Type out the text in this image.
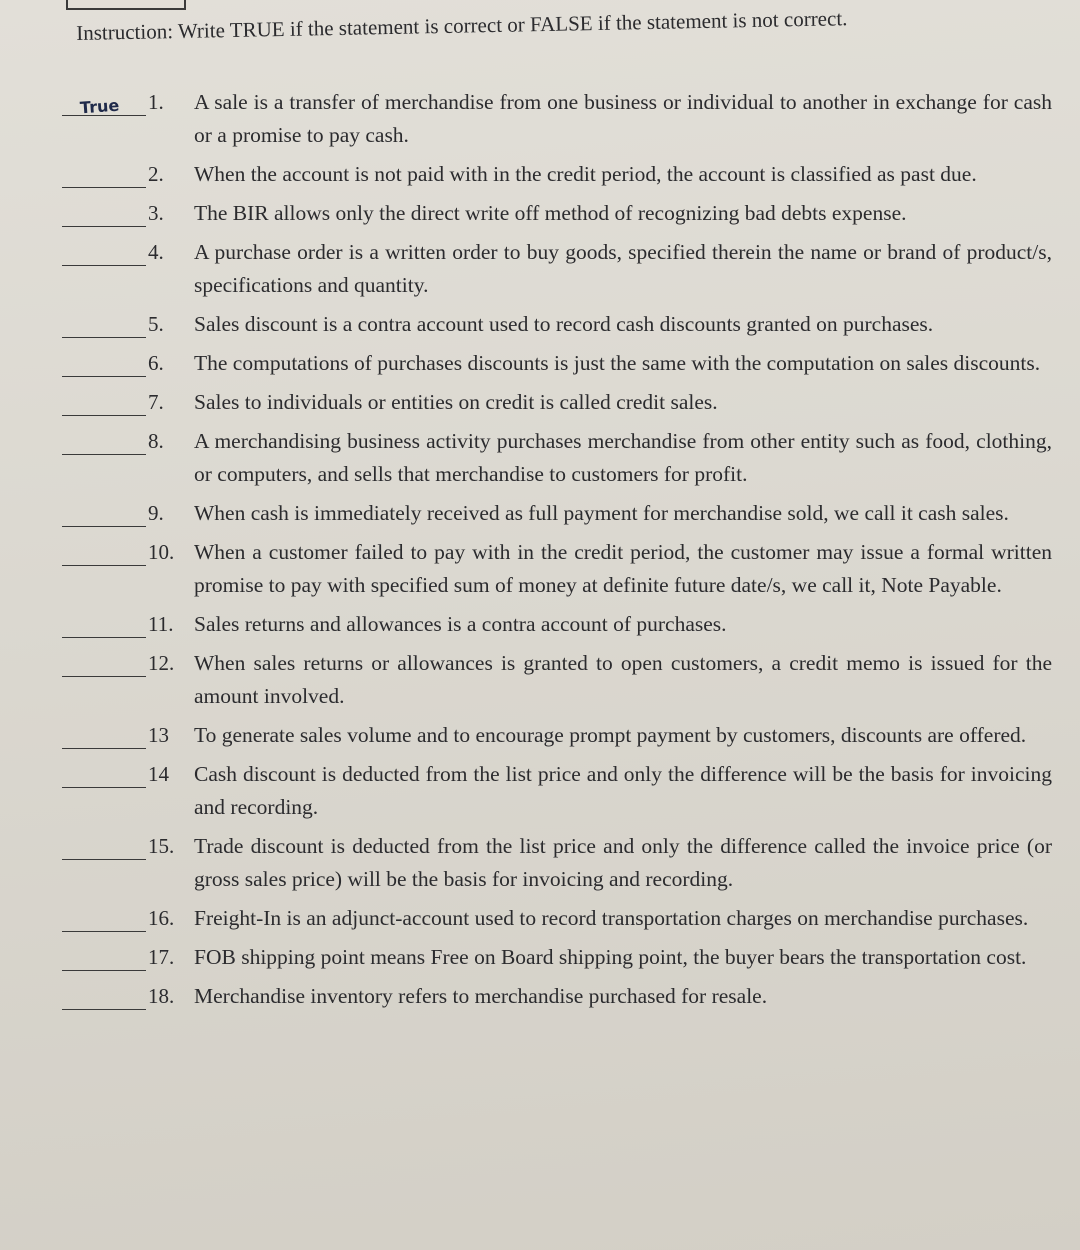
Instruction: Write TRUE if the statement is correct or FALSE if the statement is not correct.
True 1.	A sale is a transfer of merchandise from one business or individual to another in exchange for cash or a promise to pay cash.
2.	When the account is not paid with in the credit period, the account is classified as past due.
3.	The BIR allows only the direct write off method of recognizing bad debts expense.
4.	A purchase order is a written order to buy goods, specified therein the name or brand of product/s, specifications and quantity.
5.	Sales discount is a contra account used to record cash discounts granted on purchases.
6.	The computations of purchases discounts is just the same with the computation on sales discounts.
7.	Sales to individuals or entities on credit is called credit sales.
8.	A merchandising business activity purchases merchandise from other entity such as food, clothing, or computers, and sells that merchandise to customers for profit.
9.	When cash is immediately received as full payment for merchandise sold, we call it cash sales.
10. When a customer failed to pay with in the credit period, the customer may issue a formal written promise to pay with specified sum of money at definite future date/s, we call it, Note Payable.
11. Sales returns and allowances is a contra account of purchases.
12. When sales returns or allowances is granted to open customers, a credit memo is issued for the amount involved.
13	To generate sales volume and to encourage prompt payment by customers, discounts are offered.
14	Cash discount is deducted from the list price and only the difference will be the basis for invoicing and recording.
15. Trade discount is deducted from the list price and only the difference called the invoice price (or gross sales price) will be the basis for invoicing and recording.
16. Freight-In is an adjunct-account used to record transportation charges on merchandise purchases.
17. FOB shipping point means Free on Board shipping point, the buyer bears the transportation cost.
18. Merchandise inventory refers to merchandise purchased for resale.
